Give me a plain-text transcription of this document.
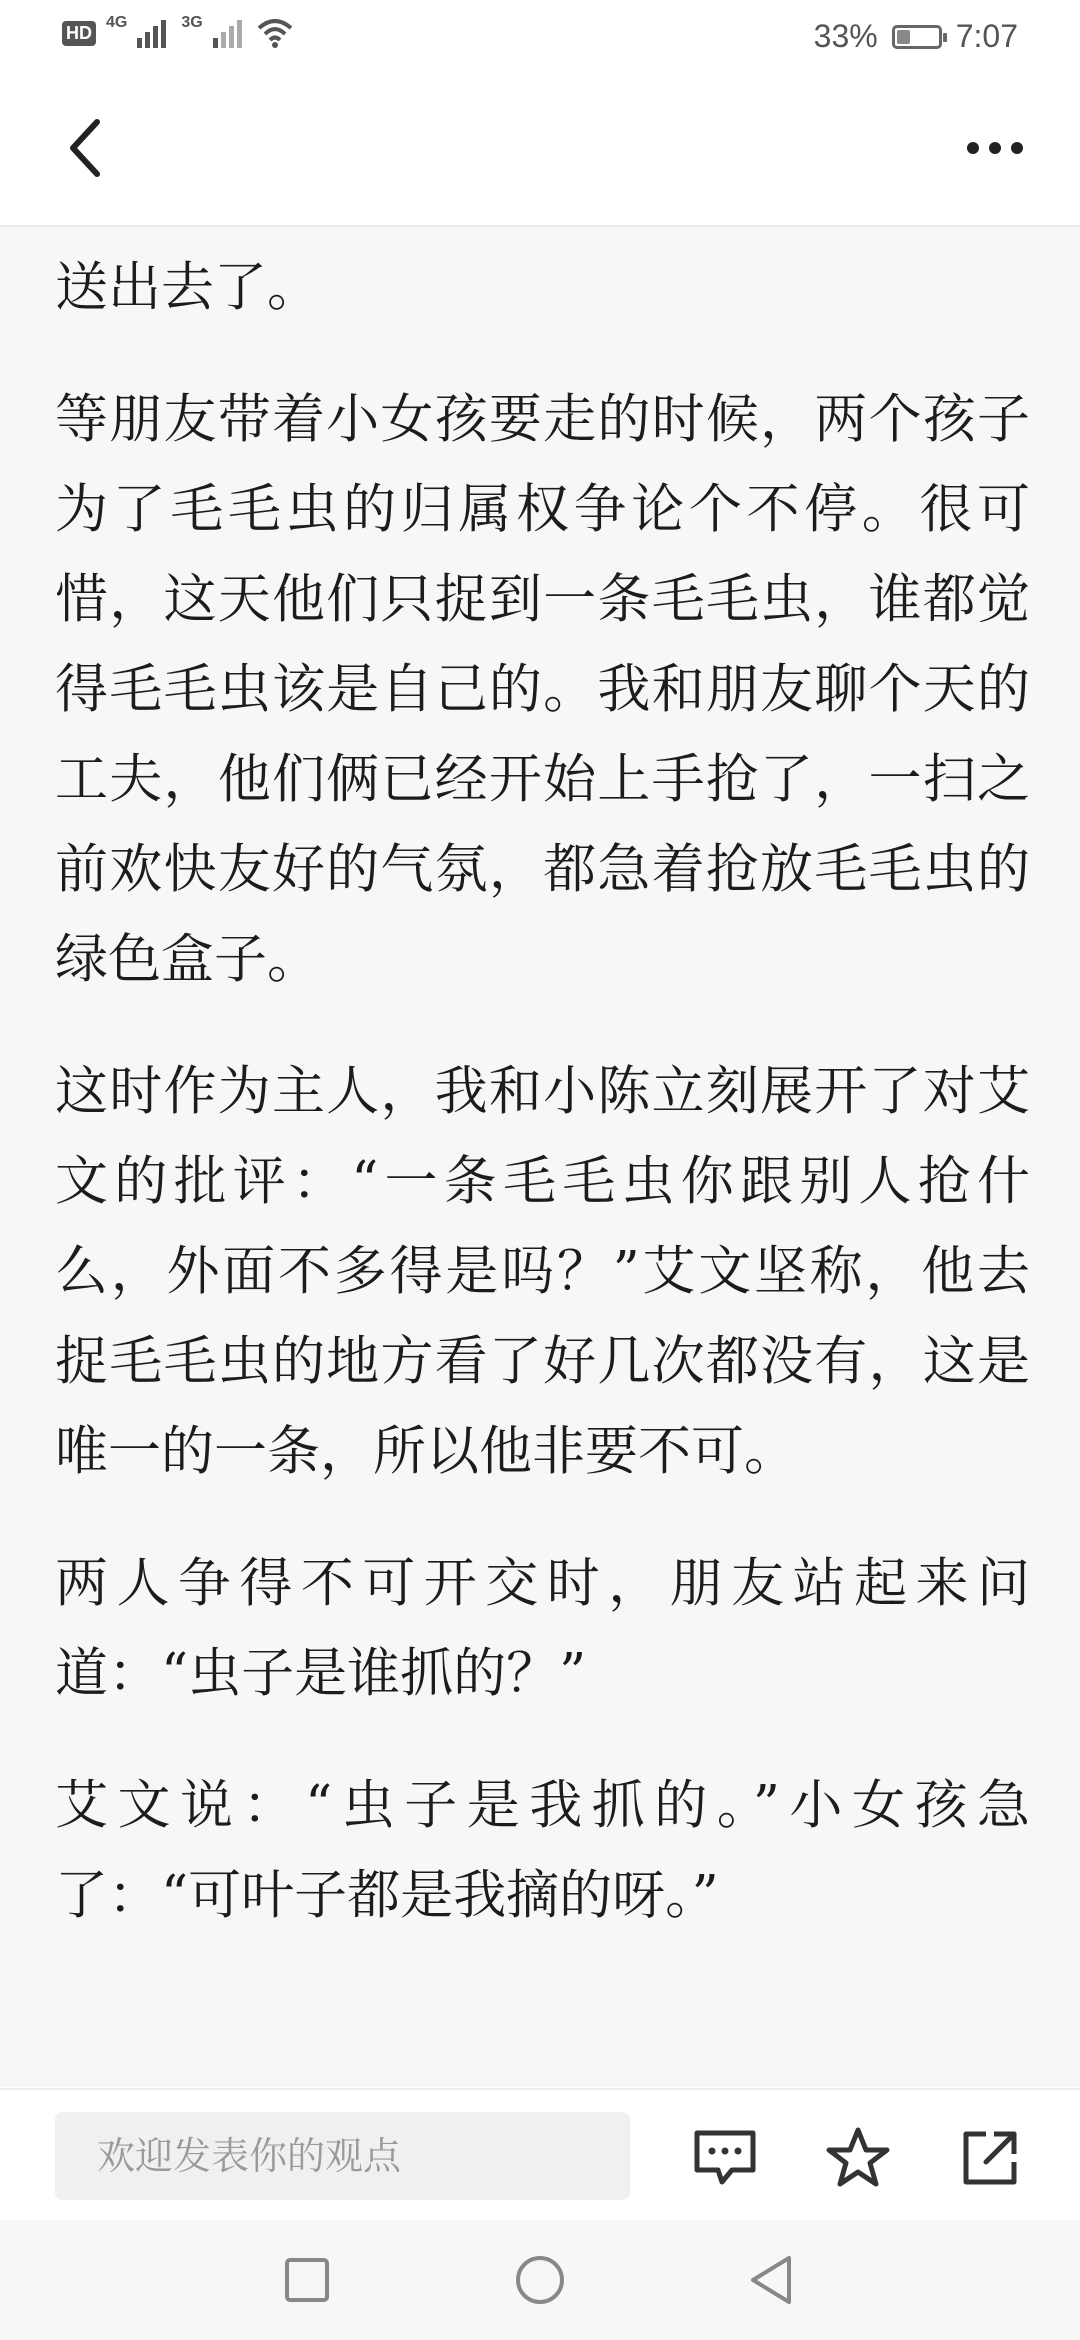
HD 4G	3G	33% 7:07

送出去了。

等朋友带着小女孩要走的时候，两个孩子为了毛毛虫的归属权争论个不停。很可惜，这天他们只捉到一条毛毛虫，谁都觉得毛毛虫该是自己的。我和朋友聊个天的工夫，他们俩已经开始上手抢了，一扫之前欢快友好的气氛，都急着抢放毛毛虫的绿色盒子。

这时作为主人，我和小陈立刻展开了对艾文的批评：“一条毛毛虫你跟别人抢什么，外面不多得是吗？”艾文坚称，他去捉毛毛虫的地方看了好几次都没有，这是唯一的一条，所以他非要不可。

两人争得不可开交时，朋友站起来问道：“虫子是谁抓的？”

艾文说：“虫子是我抓的。”小女孩急了：“可叶子都是我摘的呀。”

欢迎发表你的观点
